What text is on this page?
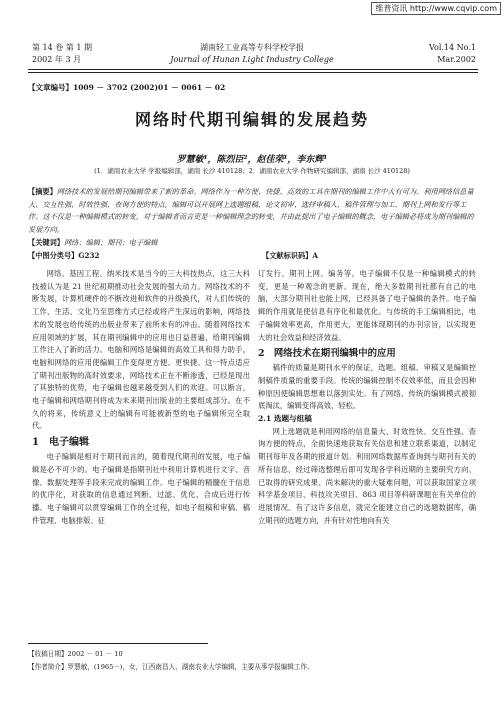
维普资讯 http://www.cqvip.com
第 14 卷 第 1 期
2002 年 3 月
湖南轻工业高等专科学校学报
Journal of Hunan Light Industry College
Vol.14 No.1
Mar.2002
【文章编号】1009 － 3702 (2002)01 － 0061 － 02
网络时代期刊编辑的发展趋势
罗慧敏¹，陈烈臣²，赵佳荣¹，李东辉¹
(1．湖南农业大学 学报编辑部，湖南 长沙 410128；2．湖南农业大学 作物研究编辑部，湖南 长沙 410128)
【摘要】网络技术的发展给期刊编辑带来了新的革命。网络作为一种方便、快捷、高效的工具在期刊的编辑工作中大有可为。利用网络信息量大、交互性强、时效性强、查询方便的特点，编辑可以开展网上选题组稿、论文初审、选择审稿人、稿件管理与加工、期刊上网和发行等工作。这不仅是一种编辑模式的转变，对于编辑者而言更是一种编辑理念的转变，并由此提出了电子编辑的概念，电子编辑必将成为期刊编辑的发展方向。
【关键词】网络；编辑；期刊；电子编辑
【中图分类号】G232	【文献标识码】A

网络、基因工程、纳米技术是当今的三大科技热点，这三大科技被认为是 21 世纪初期推动社会发展的强大动力。网络技术的不断发展，计算机硬件的不断改进和软件的升级换代，对人们传统的工作、生活、文化乃至思维方式已经或将产生深远的影响，网络技术的发展也给传统的出版业带来了前所未有的冲击。随着网络技术应用领域的扩展，其在期刊编辑中的应用也日益普遍，给期刊编辑工作注入了新的活力。电脑和网络是编辑的高效工具和得力助手，电脑和网络的应用使编辑工作变得更方便、更快捷。这一特点适应了期刊出版物的高时效要求，网络技术正在不断渗透，已经是现出了其独特的优势，电子编辑也越来越受到人们的欢迎。可以断言，电子编辑和网络期刊将成为未来期刊出版业的主要组成部分。在不久的将来，传统意义上的编辑有可能被新型的电子编辑所完全取代。

1　电子编辑

电子编辑是相对于期刊而言的，随着现代期刊的发展，电子编辑是必不可少的。电子编辑是指期刊社中利用计算机进行文字、音像、数据处理等手段来完成的编辑工作。电子编辑的精髓在于信息的优序化，对获取的信息通过判断、过滤、优化、合成后进行传播。电子编辑可以贯穿编辑工作的全过程，如电子组稿和审稿、稿件管理、电脑排版、征

订发行、期刊上网、编务等。电子编辑不仅是一种编辑模式的转变，更是一种观念的更新。现在，绝大多数期刊社都有自己的电脑，大部分期刊社也能上网，已经具备了电子编辑的条件。电子编辑的作用就是使信息有序化和最优化。与传统的手工编辑相比，电子编辑效率更高，作用更大，更能体现期刊的办刊宗旨，以实现更大的社会效益和经济效益。

2　网络技术在期刊编辑中的应用

稿件的质量是期刊水平的保证，选题、组稿、审稿又是编辑控制稿件质量的重要手段。传统的编辑控制不仅效率低，而且会因种种原因使编辑思想难以落到实处。有了网络，传统的编辑模式被彻底淘汰，编辑变得高效、轻松。

2.1 选题与组稿

网上选题就是利用网络的信息量大、时效性快、交互性强、查询方便的特点，全面快速地获取有关信息和建立联系渠道，以制定期刊每年及各期的报道计划。利用网络数据库查询到与期刊有关的所有信息，经过筛选整理后即可发现各学科近期的主要研究方向、已取得的研究成果、尚未解决的重大疑难问题，可以获取国家立项科学基金项目、科技攻关项目、863 项目等科研课题在有关单位的进展情况。有了这许多信息，就完全能建立自己的选题数据库，确立期刊的选题方向，并有针对性地向有关

【收稿日期】2002 － 01 － 10
【作者简介】罗慧敏，(1965－)，女，江西南昌人，湖南农业大学编辑，主要从事学报编辑工作。
